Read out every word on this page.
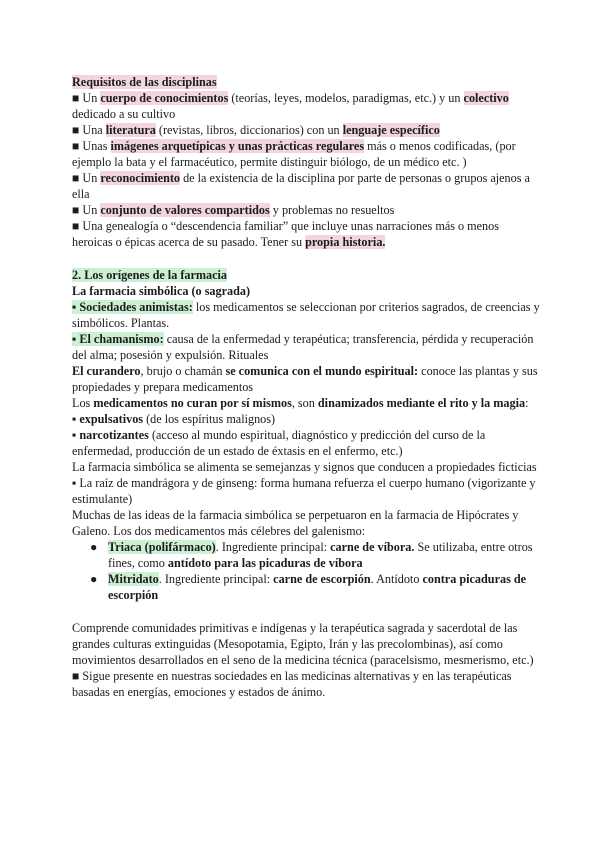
Requisitos de las disciplinas

■ Un cuerpo de conocimientos (teorías, leyes, modelos, paradigmas, etc.) y un colectivo dedicado a su cultivo

■ Una literatura (revistas, libros, diccionarios) con un lenguaje específico

■ Unas imágenes arquetípicas y unas prácticas regulares más o menos codificadas, (por ejemplo la bata y el farmacéutico, permite distinguir biólogo, de un médico etc. )

■ Un reconocimiento de la existencia de la disciplina por parte de personas o grupos ajenos a ella

■ Un conjunto de valores compartidos y problemas no resueltos

■ Una genealogía o “descendencia familiar” que incluye unas narraciones más o menos heroicas o épicas acerca de su pasado. Tener su propia historia.

2. Los orígenes de la farmacia

La farmacia simbólica (o sagrada)

▪ Sociedades animistas: los medicamentos se seleccionan por criterios sagrados, de creencias y simbólicos. Plantas.

▪ El chamanismo: causa de la enfermedad y terapéutica; transferencia, pérdida y recuperación del alma; posesión y expulsión. Rituales

El curandero, brujo o chamán se comunica con el mundo espiritual: conoce las plantas y sus propiedades y prepara medicamentos

Los medicamentos no curan por sí mismos, son dinamizados mediante el rito y la magia:

▪ expulsativos (de los espíritus malignos)

▪ narcotizantes (acceso al mundo espiritual, diagnóstico y predicción del curso de la enfermedad, producción de un estado de éxtasis en el enfermo, etc.)

La farmacia simbólica se alimenta se semejanzas y signos que conducen a propiedades ficticias

▪ La raíz de mandrágora y de ginseng: forma humana refuerza el cuerpo humano (vigorizante y estimulante)

Muchas de las ideas de la farmacia simbólica se perpetuaron en la farmacia de Hipócrates y Galeno. Los dos medicamentos más célebres del galenismo:

● Triaca (polifármaco). Ingrediente principal: carne de víbora. Se utilizaba, entre otros fines, como antídoto para las picaduras de víbora

● Mitridato. Ingrediente principal: carne de escorpión. Antídoto contra picaduras de escorpión

Comprende comunidades primitivas e indígenas y la terapéutica sagrada y sacerdotal de las grandes culturas extinguidas (Mesopotamia, Egipto, Irán y las precolombinas), así como movimientos desarrollados en el seno de la medicina técnica (paracelsismo, mesmerismo, etc.)

■ Sigue presente en nuestras sociedades en las medicinas alternativas y en las terapéuticas basadas en energías, emociones y estados de ánimo.
